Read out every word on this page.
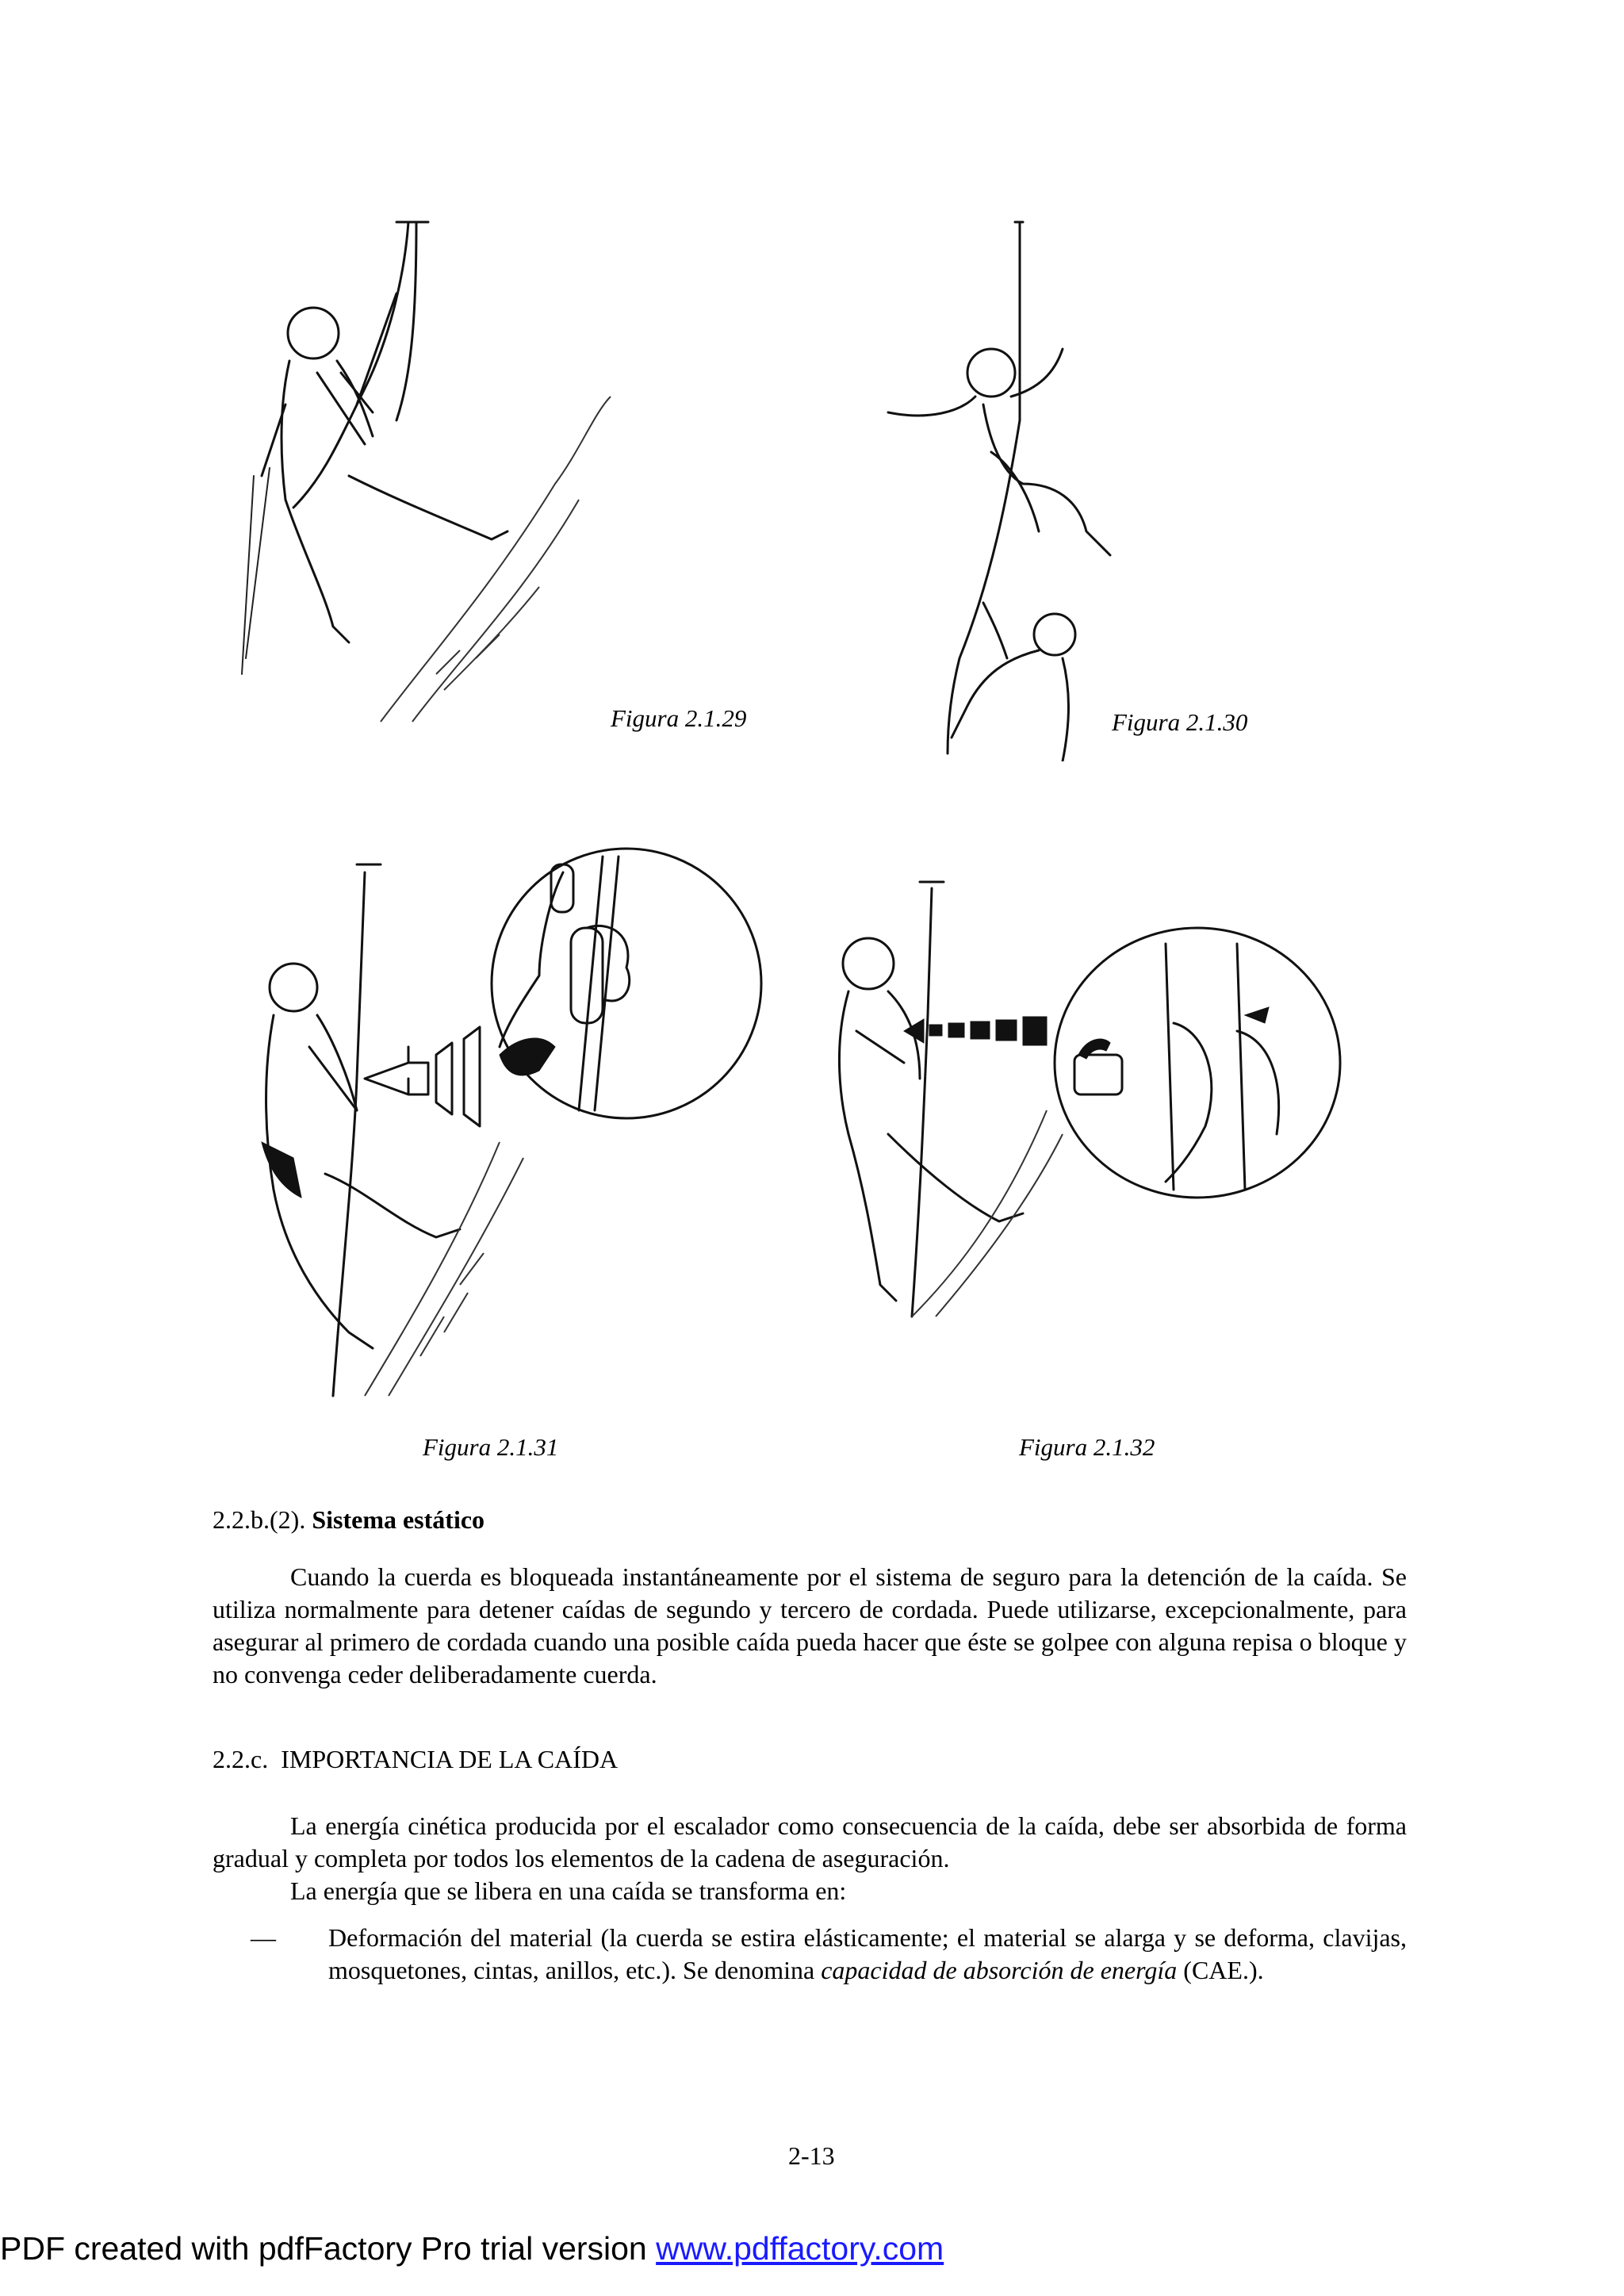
Figura 2.1.29	Figura 2.1.30
Figura 2.1.31	Figura 2.1.32
2.2.b.(2). Sistema estático

Cuando la cuerda es bloqueada instantáneamente por el sistema de seguro para la detención de la caída. Se utiliza normalmente para detener caídas de segundo y tercero de cordada. Puede utilizarse, excepcionalmente, para asegurar al primero de cordada cuando una posible caída pueda hacer que éste se golpee con alguna repisa o bloque y no convenga ceder deliberadamente cuerda.

2.2.c.  IMPORTANCIA DE LA CAÍDA

La energía cinética producida por el escalador como consecuencia de la caída, debe ser absorbida de forma gradual y completa por todos los elementos de la cadena de aseguración.

La energía que se libera en una caída se transforma en:

—	Deformación del material (la cuerda se estira elásticamente; el material se alarga y se deforma, clavijas, mosquetones, cintas, anillos, etc.). Se denomina capacidad de absorción de energía (CAE.).
2-13
PDF created with pdfFactory Pro trial version www.pdffactory.com
